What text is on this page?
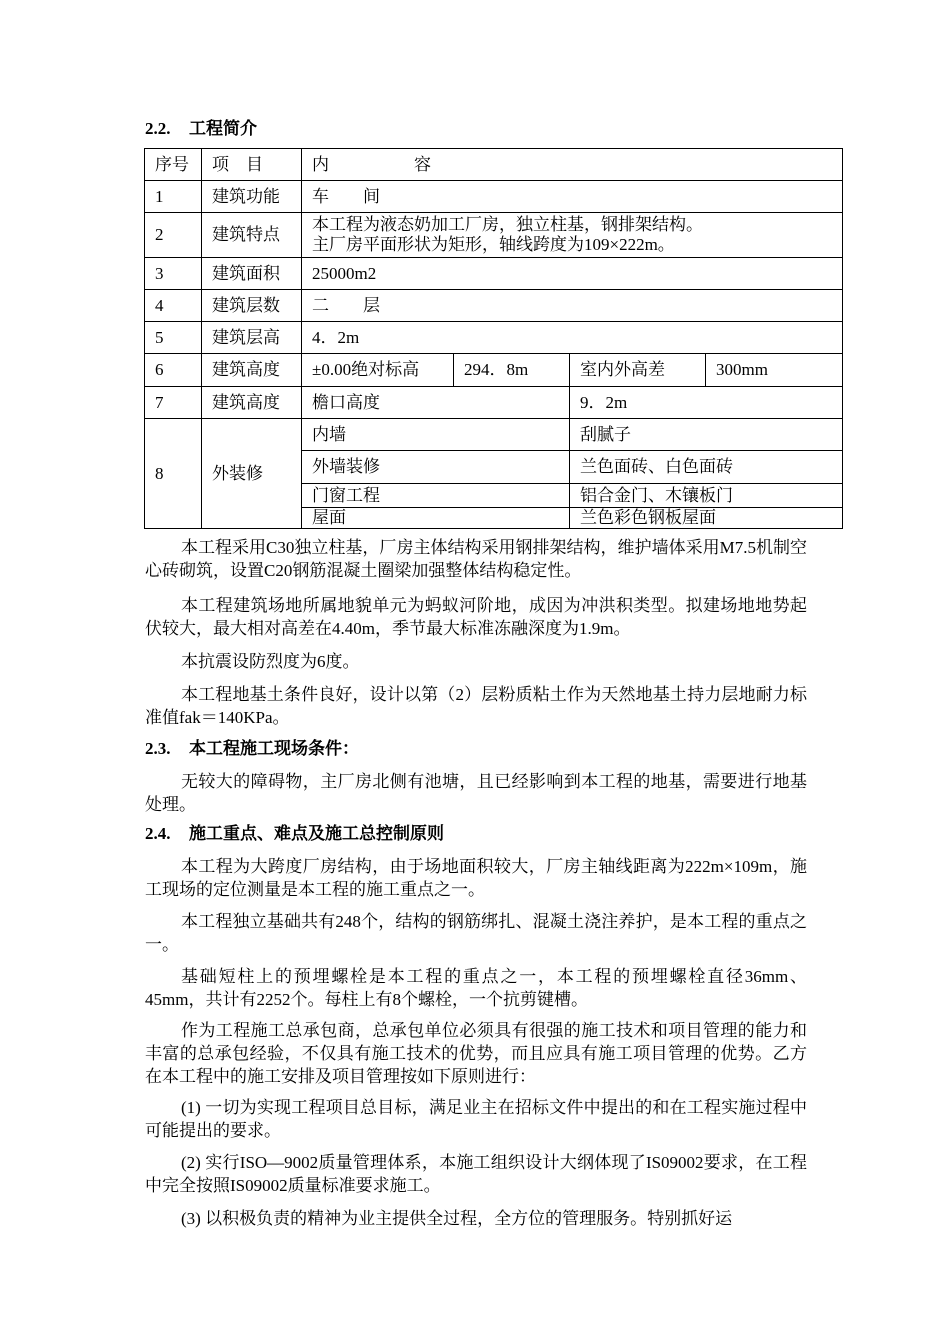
2.2. 工程简介
序号	项　目	内　　　　　容			
1	建筑功能	车　　间			
2	建筑特点	本工程为液态奶加工厂房，独立柱基，钢排架结构。
主厂房平面形状为矩形，轴线跨度为109×222m。			

3	建筑面积	25000m2			
4	建筑层数	二　　层			
5	建筑层高	4．2m			
6	建筑高度	±0.00绝对标高	294．8m	室内外高差	300mm
7	建筑高度	檐口高度		9．2m	
8	外装修	内墙		刮腻子	
		外墙装修		兰色面砖、白色面砖	
		门窗工程		铝合金门、木镶板门	
		屋面		兰色彩色钢板屋面	

本工程采用C30独立柱基，厂房主体结构采用钢排架结构，维护墙体采用M7.5机制空心砖砌筑，设置C20钢筋混凝土圈梁加强整体结构稳定性。

本工程建筑场地所属地貌单元为蚂蚁河阶地，成因为冲洪积类型。拟建场地地势起伏较大，最大相对高差在4.40m，季节最大标准冻融深度为1.9m。

本抗震设防烈度为6度。

本工程地基土条件良好，设计以第（2）层粉质粘土作为天然地基土持力层地耐力标准值fak＝140KPa。

2.3. 本工程施工现场条件：

无较大的障碍物，主厂房北侧有池塘，且已经影响到本工程的地基，需要进行地基处理。

2.4. 施工重点、难点及施工总控制原则

本工程为大跨度厂房结构，由于场地面积较大，厂房主轴线距离为222m×109m，施工现场的定位测量是本工程的施工重点之一。

本工程独立基础共有248个，结构的钢筋绑扎、混凝土浇注养护，是本工程的重点之一。

基础短柱上的预埋螺栓是本工程的重点之一，本工程的预埋螺栓直径36mm、45mm，共计有2252个。每柱上有8个螺栓，一个抗剪键槽。

作为工程施工总承包商，总承包单位必须具有很强的施工技术和项目管理的能力和丰富的总承包经验，不仅具有施工技术的优势，而且应具有施工项目管理的优势。乙方在本工程中的施工安排及项目管理按如下原则进行：

(1) 一切为实现工程项目总目标，满足业主在招标文件中提出的和在工程实施过程中可能提出的要求。

(2) 实行ISO—9002质量管理体系，本施工组织设计大纲体现了IS09002要求，在工程中完全按照IS09002质量标准要求施工。

(3) 以积极负责的精神为业主提供全过程，全方位的管理服务。特别抓好运
